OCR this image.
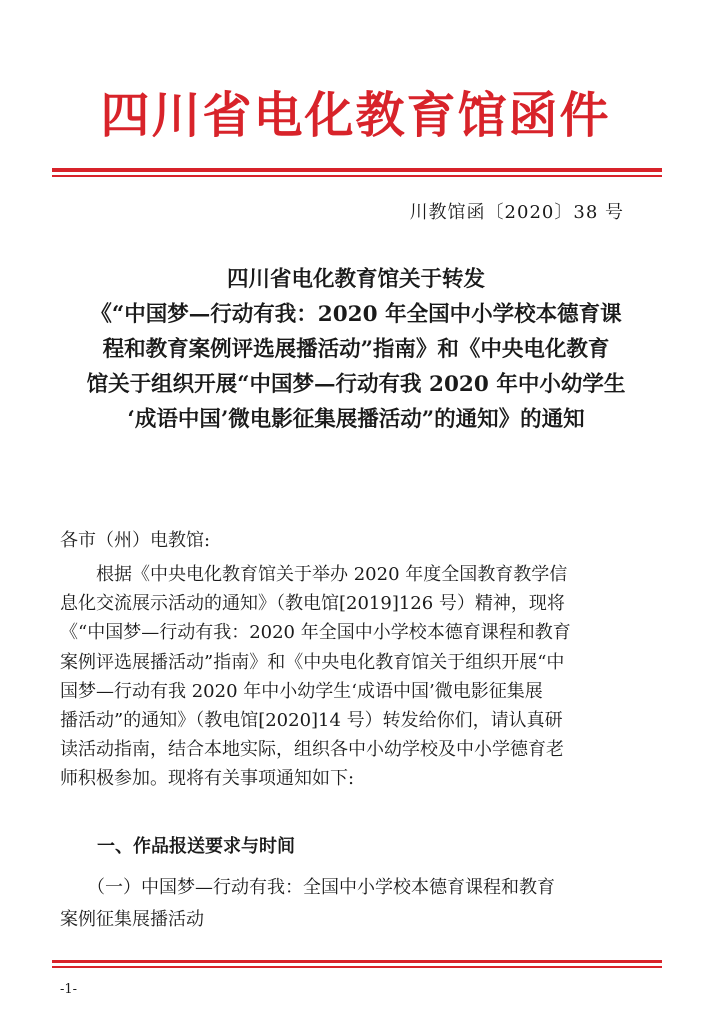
四川省电化教育馆函件
川教馆函〔2020〕38 号
四川省电化教育馆关于转发
《“中国梦—行动有我：2020 年全国中小学校本德育课
程和教育案例评选展播活动”指南》和《中央电化教育
馆关于组织开展“中国梦—行动有我 2020 年中小幼学生
‘成语中国’微电影征集展播活动”的通知》的通知
各市（州）电教馆:
　　根据《中央电化教育馆关于举办 2020 年度全国教育教学信
息化交流展示活动的通知》（教电馆[2019]126 号）精神，现将
《“中国梦—行动有我：2020 年全国中小学校本德育课程和教育
案例评选展播活动”指南》和《中央电化教育馆关于组织开展“中
国梦—行动有我 2020 年中小幼学生‘成语中国’微电影征集展
播活动”的通知》（教电馆[2020]14 号）转发给你们，请认真研
读活动指南，结合本地实际，组织各中小幼学校及中小学德育老
师积极参加。现将有关事项通知如下:
一、作品报送要求与时间
　　（一）中国梦—行动有我：全国中小学校本德育课程和教育
案例征集展播活动
-1-
